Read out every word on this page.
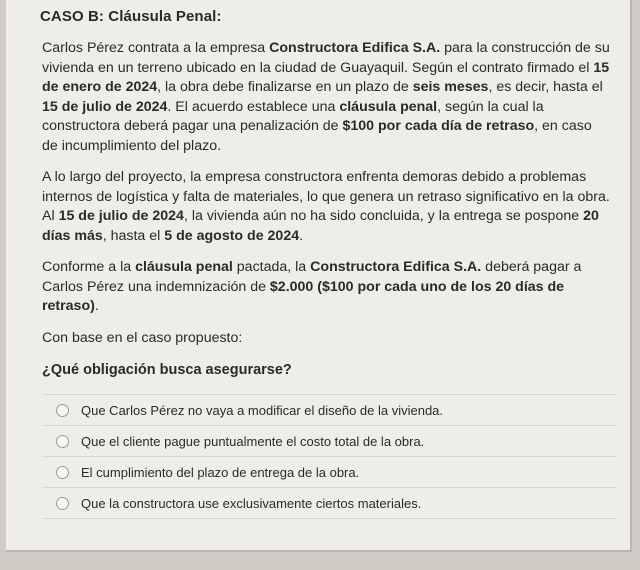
CASO B: Cláusula Penal:
Carlos Pérez contrata a la empresa Constructora Edifica S.A. para la construcción de su vivienda en un terreno ubicado en la ciudad de Guayaquil. Según el contrato firmado el 15 de enero de 2024, la obra debe finalizarse en un plazo de seis meses, es decir, hasta el 15 de julio de 2024. El acuerdo establece una cláusula penal, según la cual la constructora deberá pagar una penalización de $100 por cada día de retraso, en caso de incumplimiento del plazo.
A lo largo del proyecto, la empresa constructora enfrenta demoras debido a problemas internos de logística y falta de materiales, lo que genera un retraso significativo en la obra. Al 15 de julio de 2024, la vivienda aún no ha sido concluida, y la entrega se pospone 20 días más, hasta el 5 de agosto de 2024.
Conforme a la cláusula penal pactada, la Constructora Edifica S.A. deberá pagar a Carlos Pérez una indemnización de $2.000 ($100 por cada uno de los 20 días de retraso).
Con base en el caso propuesto:
¿Qué obligación busca asegurarse?
Que Carlos Pérez no vaya a modificar el diseño de la vivienda.
Que el cliente pague puntualmente el costo total de la obra.
El cumplimiento del plazo de entrega de la obra.
Que la constructora use exclusivamente ciertos materiales.
